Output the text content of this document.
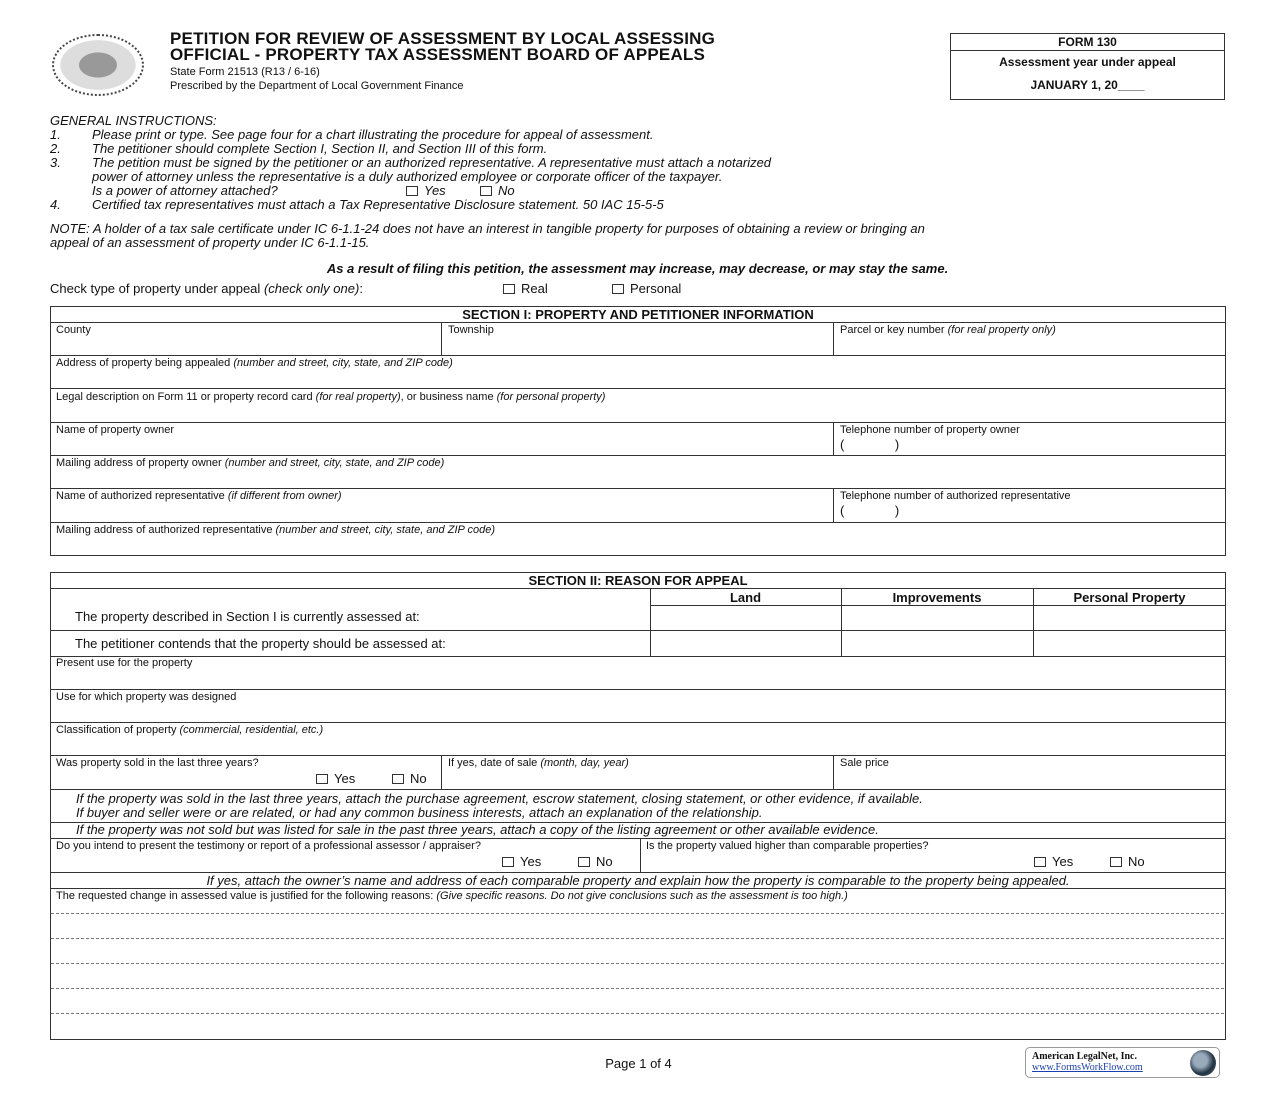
PETITION FOR REVIEW OF ASSESSMENT BY LOCAL ASSESSING
OFFICIAL - PROPERTY TAX ASSESSMENT BOARD OF APPEALS
State Form 21513 (R13 / 6-16)
Prescribed by the Department of Local Government Finance
FORM 130
Assessment year under appeal
JANUARY 1, 20____
GENERAL INSTRUCTIONS:
1. Please print or type. See page four for a chart illustrating the procedure for appeal of assessment.
2. The petitioner should complete Section I, Section II, and Section III of this form.
3. The petition must be signed by the petitioner or an authorized representative. A representative must attach a notarized
power of attorney unless the representative is a duly authorized employee or corporate officer of the taxpayer.
Is a power of attorney attached?	Yes	No
4. Certified tax representatives must attach a Tax Representative Disclosure statement. 50 IAC 15-5-5
NOTE: A holder of a tax sale certificate under IC 6-1.1-24 does not have an interest in tangible property for purposes of obtaining a review or bringing an
appeal of an assessment of property under IC 6-1.1-15.
As a result of filing this petition, the assessment may increase, may decrease, or may stay the same.
Check type of property under appeal (check only one):	Real	Personal
SECTION I: PROPERTY AND PETITIONER INFORMATION
County	Township	Parcel or key number (for real property only)
Address of property being appealed (number and street, city, state, and ZIP code)
Legal description on Form 11 or property record card (for real property), or business name (for personal property)
Name of property owner	Telephone number of property owner
(              )
Mailing address of property owner (number and street, city, state, and ZIP code)
Name of authorized representative (if different from owner)	Telephone number of authorized representative
(              )
Mailing address of authorized representative (number and street, city, state, and ZIP code)
SECTION II: REASON FOR APPEAL
Land	Improvements	Personal Property
The property described in Section I is currently assessed at:
The petitioner contends that the property should be assessed at:
Present use for the property
Use for which property was designed
Classification of property (commercial, residential, etc.)
Was property sold in the last three years?
Yes	No
If yes, date of sale (month, day, year)	Sale price
If the property was sold in the last three years, attach the purchase agreement, escrow statement, closing statement, or other evidence, if available.
If buyer and seller were or are related, or had any common business interests, attach an explanation of the relationship.
If the property was not sold but was listed for sale in the past three years, attach a copy of the listing agreement or other available evidence.
Do you intend to present the testimony or report of a professional assessor / appraiser?
Yes	No
Is the property valued higher than comparable properties?
Yes	No
If yes, attach the owner’s name and address of each comparable property and explain how the property is comparable to the property being appealed.
The requested change in assessed value is justified for the following reasons: (Give specific reasons. Do not give conclusions such as the assessment is too high.)
Page 1 of 4	American LegalNet, Inc.
www.FormsWorkFlow.com
